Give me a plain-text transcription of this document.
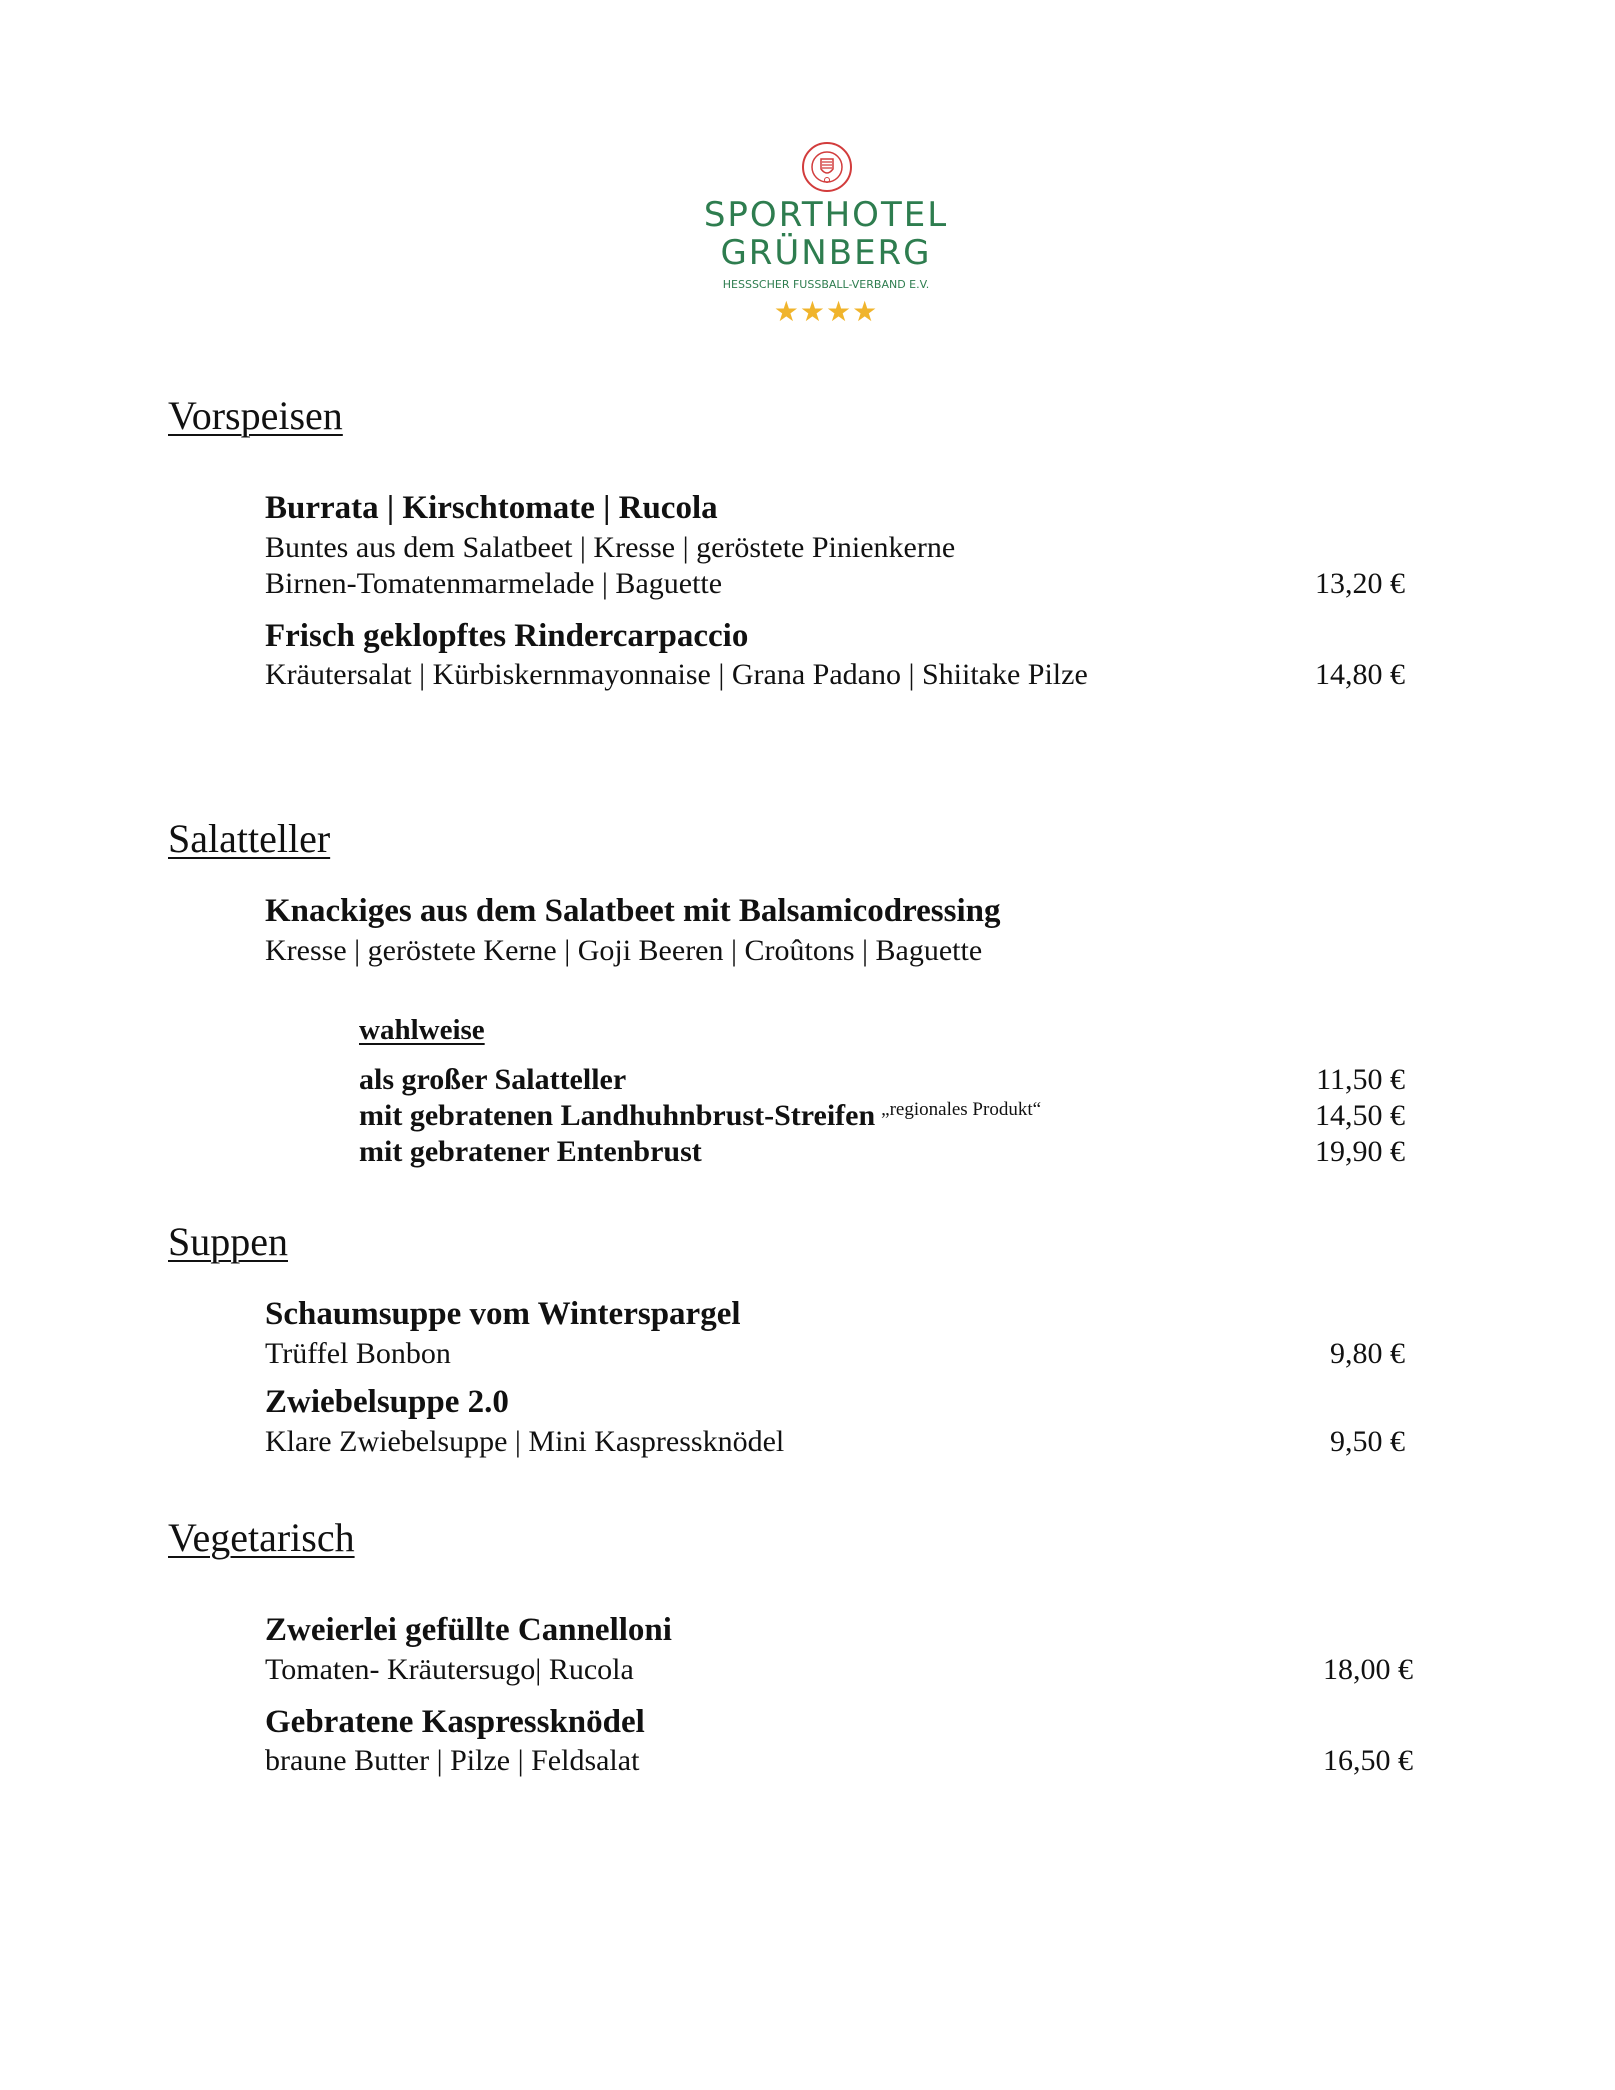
SPORTHOTEL
GRÜNBERG
HESSSCHER FUSSBALL-VERBAND E.V.
★★★★
Vorspeisen
Burrata | Kirschtomate | Rucola
Buntes aus dem Salatbeet | Kresse | geröstete Pinienkerne
Birnen-Tomatenmarmelade | Baguette	13,20 €
Frisch geklopftes Rindercarpaccio
Kräutersalat | Kürbiskernmayonnaise | Grana Padano | Shiitake Pilze	14,80 €
Salatteller
Knackiges aus dem Salatbeet mit Balsamicodressing
Kresse | geröstete Kerne | Goji Beeren | Croûtons | Baguette
wahlweise
als großer Salatteller	11,50 €
mit gebratenen Landhuhnbrust-Streifen $^{„regionales Produkt“}$	14,50 €
mit gebratener Entenbrust	19,90 €
Suppen
Schaumsuppe vom Winterspargel
Trüffel Bonbon	9,80 €
Zwiebelsuppe 2.0
Klare Zwiebelsuppe | Mini Kaspressknödel	9,50 €
Vegetarisch
Zweierlei gefüllte Cannelloni
Tomaten- Kräutersugo| Rucola	18,00 €
Gebratene Kaspressknödel
braune Butter | Pilze | Feldsalat	16,50 €
